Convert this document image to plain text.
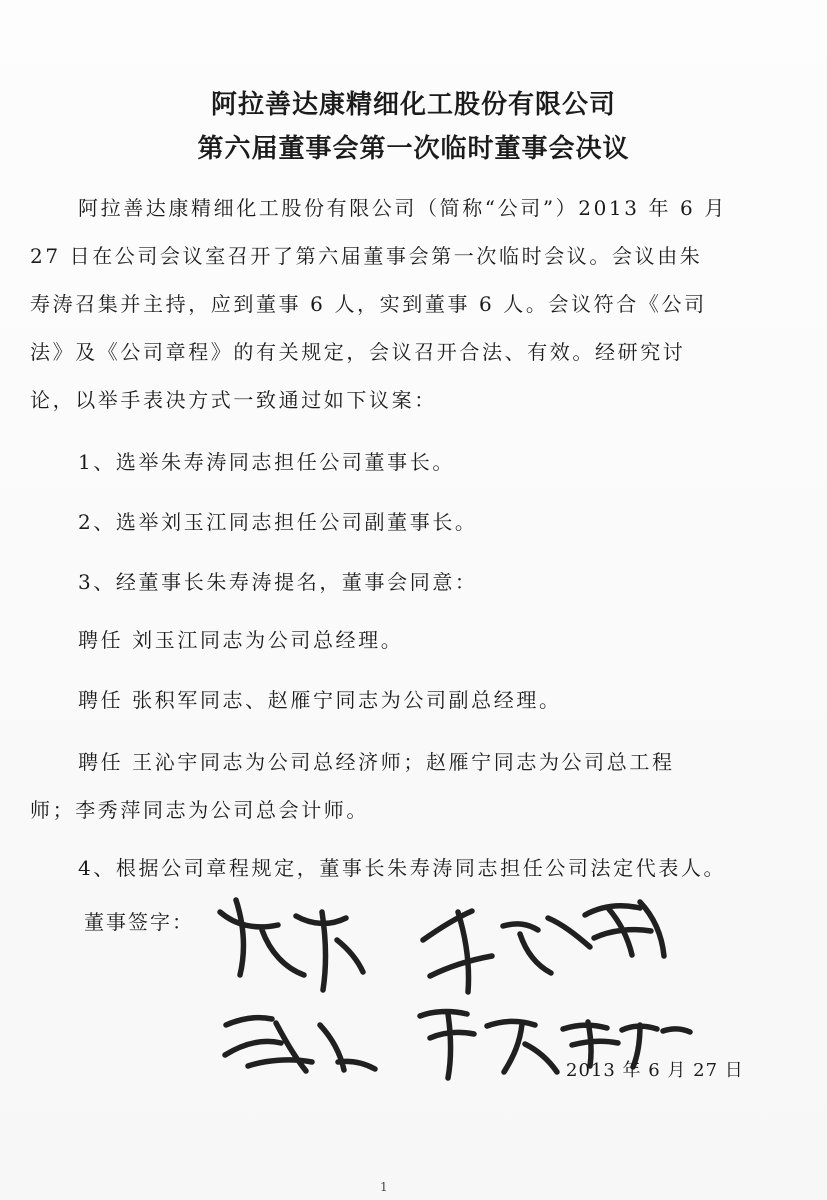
阿拉善达康精细化工股份有限公司
第六届董事会第一次临时董事会决议
阿拉善达康精细化工股份有限公司（简称“公司”）2013 年 6 月
27 日在公司会议室召开了第六届董事会第一次临时会议。会议由朱
寿涛召集并主持，应到董事 6 人，实到董事 6 人。会议符合《公司
法》及《公司章程》的有关规定，会议召开合法、有效。经研究讨
论，以举手表决方式一致通过如下议案：
1、选举朱寿涛同志担任公司董事长。
2、选举刘玉江同志担任公司副董事长。
3、经董事长朱寿涛提名，董事会同意：
聘任 刘玉江同志为公司总经理。
聘任 张积军同志、赵雁宁同志为公司副总经理。
聘任 王沁宇同志为公司总经济师；赵雁宁同志为公司总工程
师；李秀萍同志为公司总会计师。
4、根据公司章程规定，董事长朱寿涛同志担任公司法定代表人。
董事签字：
2013 年 6 月 27 日
1
